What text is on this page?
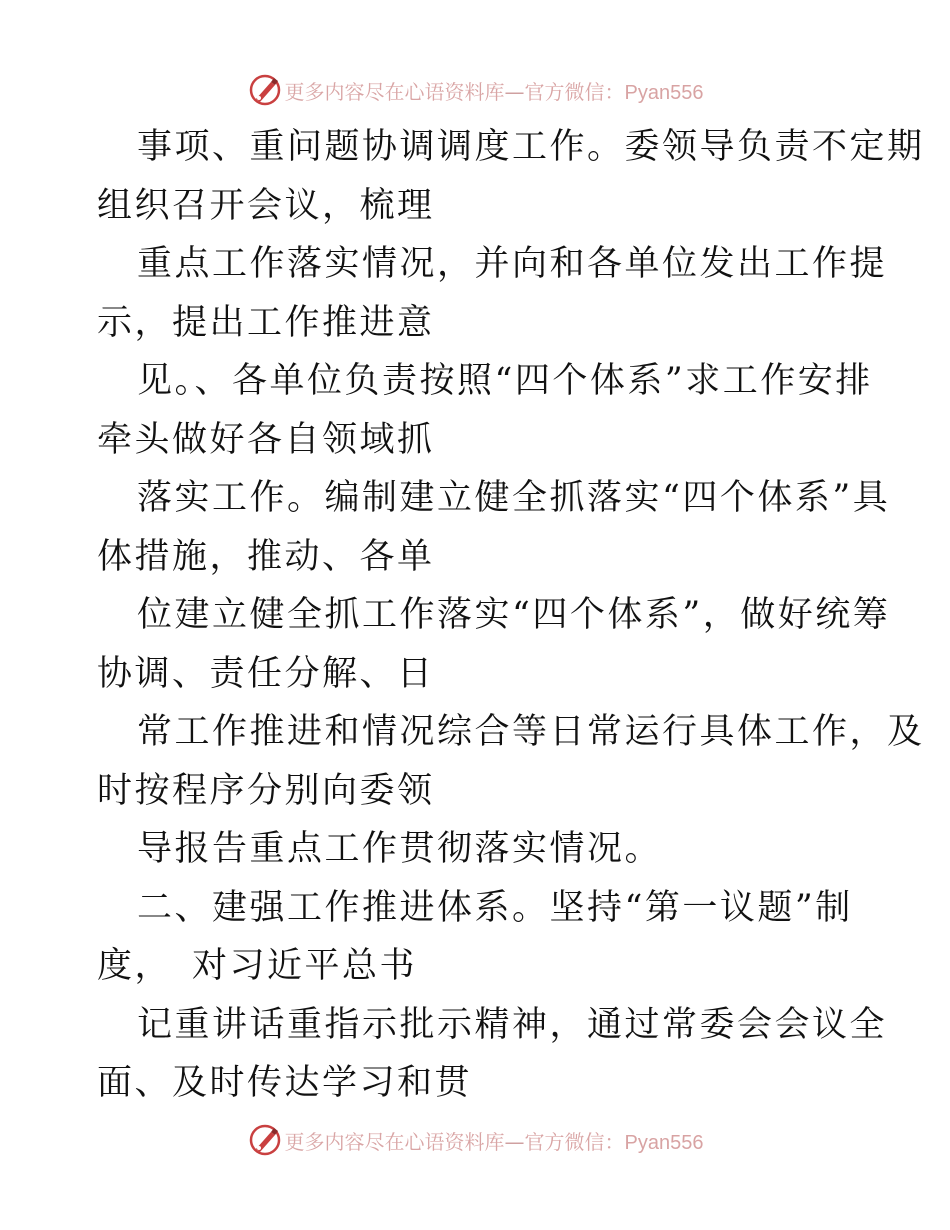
更多内容尽在心语资料库—官方微信：Pyan556
事项、重问题协调调度工作。委领导负责不定期
组织召开会议，梳理
重点工作落实情况，并向和各单位发出工作提
示，提出工作推进意
见。、各单位负责按照“四个体系”求工作安排
牵头做好各自领域抓
落实工作。编制建立健全抓落实“四个体系”具
体措施，推动、各单
位建立健全抓工作落实“四个体系”，做好统筹
协调、责任分解、日
常工作推进和情况综合等日常运行具体工作，及
时按程序分别向委领
导报告重点工作贯彻落实情况。
二、建强工作推进体系。坚持“第一议题”制
度，　对习近平总书
记重讲话重指示批示精神，通过常委会会议全
面、及时传达学习和贯
更多内容尽在心语资料库—官方微信：Pyan556
